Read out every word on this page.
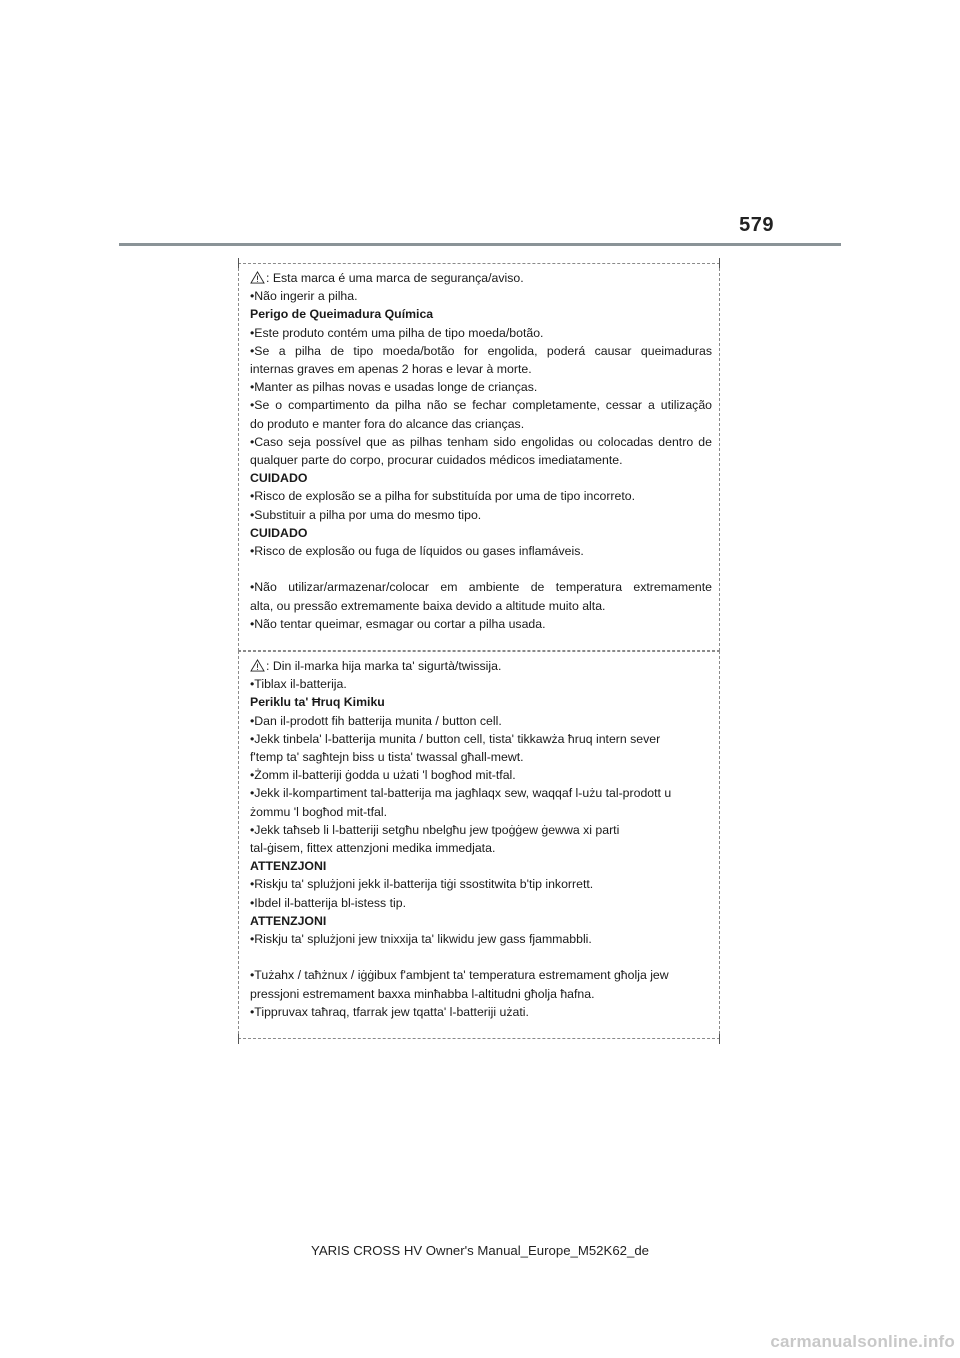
579
: Esta marca é uma marca de segurança/aviso.
•Não ingerir a pilha.
Perigo de Queimadura Química
•Este produto contém uma pilha de tipo moeda/botão.
•Se a pilha de tipo moeda/botão for engolida, poderá causar queimaduras
internas graves em apenas 2 horas e levar à morte.
•Manter as pilhas novas e usadas longe de crianças.
•Se o compartimento da pilha não se fechar completamente, cessar a utilização
do produto e manter fora do alcance das crianças.
•Caso seja possível que as pilhas tenham sido engolidas ou colocadas dentro de
qualquer parte do corpo, procurar cuidados médicos imediatamente.
CUIDADO
•Risco de explosão se a pilha for substituída por uma de tipo incorreto.
•Substituir a pilha por uma do mesmo tipo.
CUIDADO
•Risco de explosão ou fuga de líquidos ou gases inflamáveis.
•Não utilizar/armazenar/colocar em ambiente de temperatura extremamente
alta, ou pressão extremamente baixa devido a altitude muito alta.
•Não tentar queimar, esmagar ou cortar a pilha usada.
: Din il-marka hija marka ta' sigurtà/twissija.
•Tiblax il-batterija.
Periklu ta' Ħruq Kimiku
•Dan il-prodott fih batterija munita / button cell.
•Jekk tinbela' l-batterija munita / button cell, tista' tikkawża ħruq intern sever
f'temp ta' sagħtejn biss u tista' twassal għall-mewt.
•Żomm il-batteriji ġodda u użati 'l bogħod mit-tfal.
•Jekk il-kompartiment tal-batterija ma jagħlaqx sew, waqqaf l-użu tal-prodott u
żommu 'l bogħod mit-tfal.
•Jekk taħseb li l-batteriji setgħu nbelgħu jew tpoġġew ġewwa xi parti
tal-ġisem, fittex attenzjoni medika immedjata.
ATTENZJONI
•Riskju ta' splużjoni jekk il-batterija tiġi ssostitwita b'tip inkorrett.
•Ibdel il-batterija bl-istess tip.
ATTENZJONI
•Riskju ta' splużjoni jew tnixxija ta' likwidu jew gass fjammabbli.
•Tużahx / taħżnux / iġġibux f'ambjent ta' temperatura estremament għolja jew
pressjoni estremament baxxa minħabba l-altitudni għolja ħafna.
•Tippruvax taħraq, tfarrak jew tqatta' l-batteriji użati.
YARIS CROSS HV Owner's Manual_Europe_M52K62_de
carmanualsonline.info
